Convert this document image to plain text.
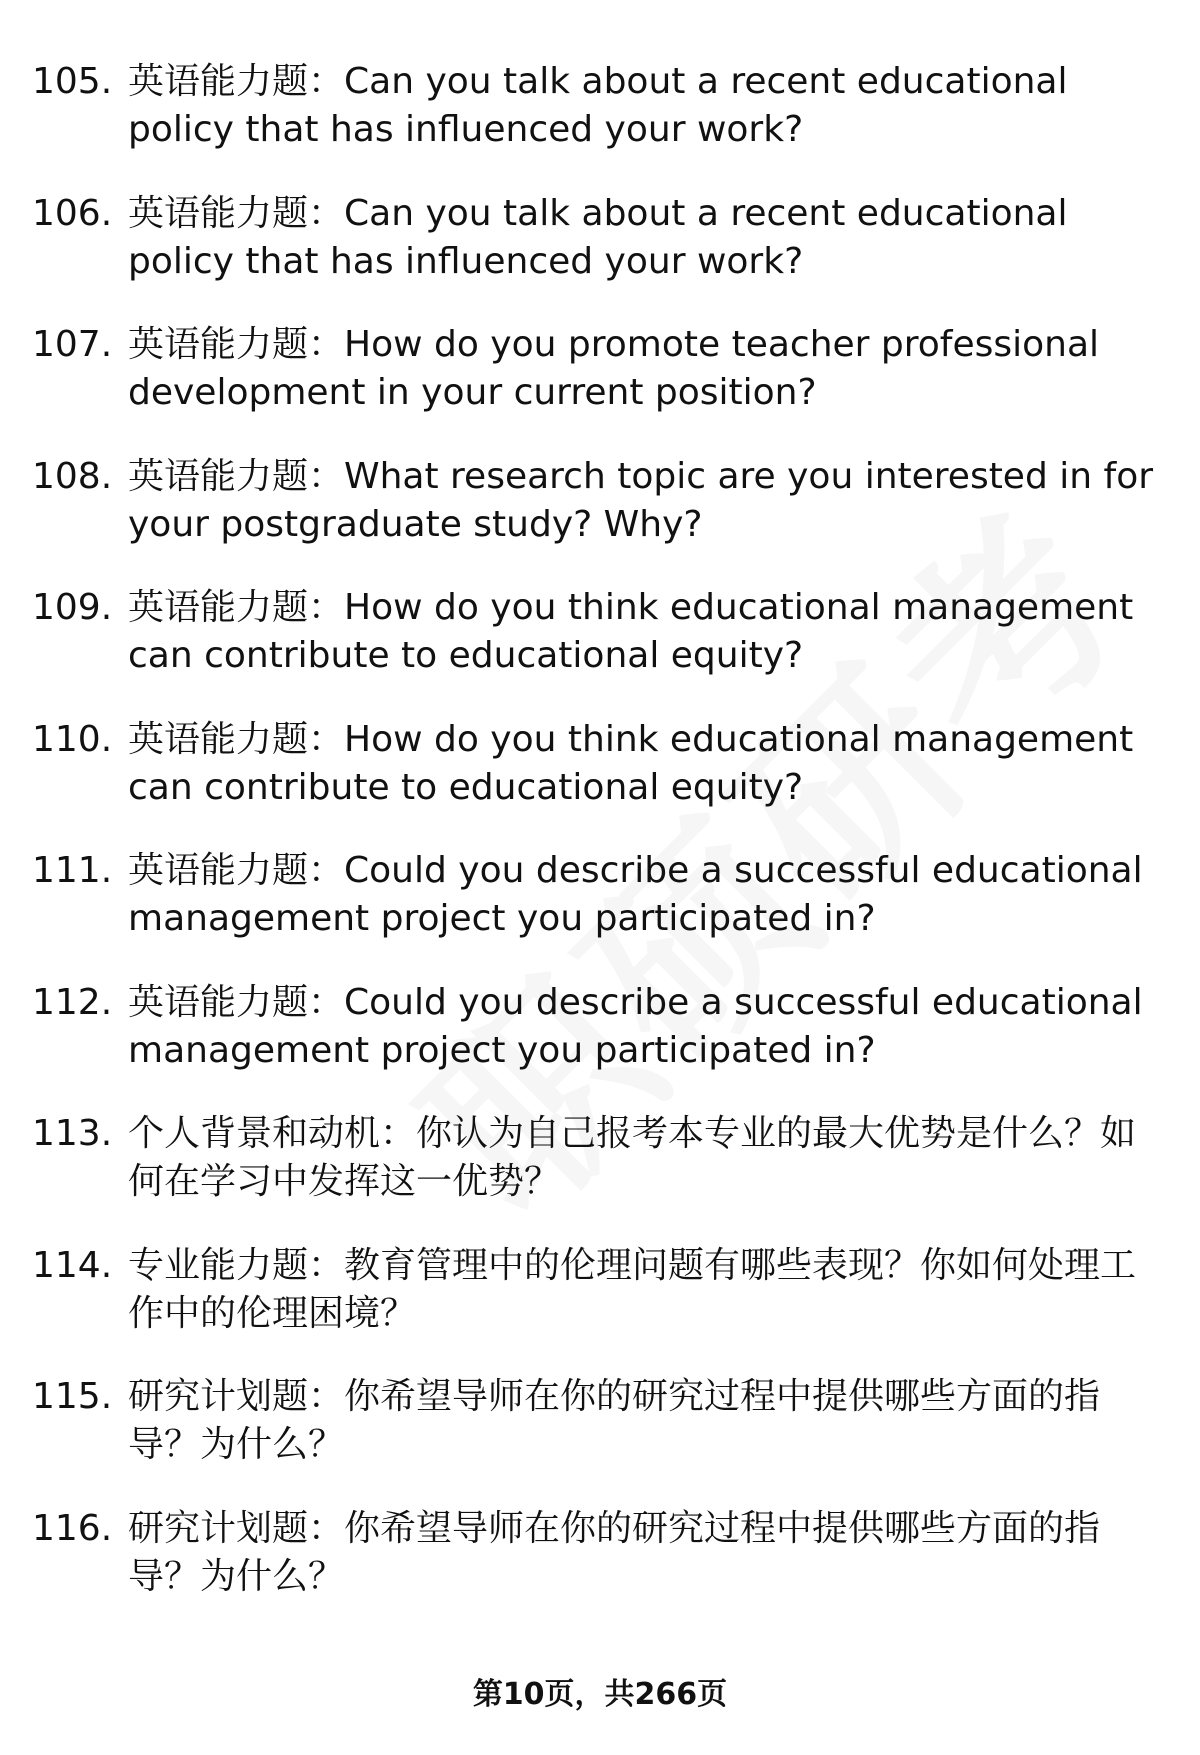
105. 英语能力题：Can you talk about a recent educational policy that has influenced your work?

106. 英语能力题：Can you talk about a recent educational policy that has influenced your work?

107. 英语能力题：How do you promote teacher professional development in your current position?

108. 英语能力题：What research topic are you interested in for your postgraduate study? Why?

109. 英语能力题：How do you think educational management can contribute to educational equity?

110. 英语能力题：How do you think educational management can contribute to educational equity?

111. 英语能力题：Could you describe a successful educational management project you participated in?

112. 英语能力题：Could you describe a successful educational management project you participated in?

113. 个人背景和动机：你认为自己报考本专业的最大优势是什么？如何在学习中发挥这一优势？

114. 专业能力题：教育管理中的伦理问题有哪些表现？你如何处理工作中的伦理困境？

115. 研究计划题：你希望导师在你的研究过程中提供哪些方面的指导？为什么？

116. 研究计划题：你希望导师在你的研究过程中提供哪些方面的指导？为什么？

第10页，共266页
